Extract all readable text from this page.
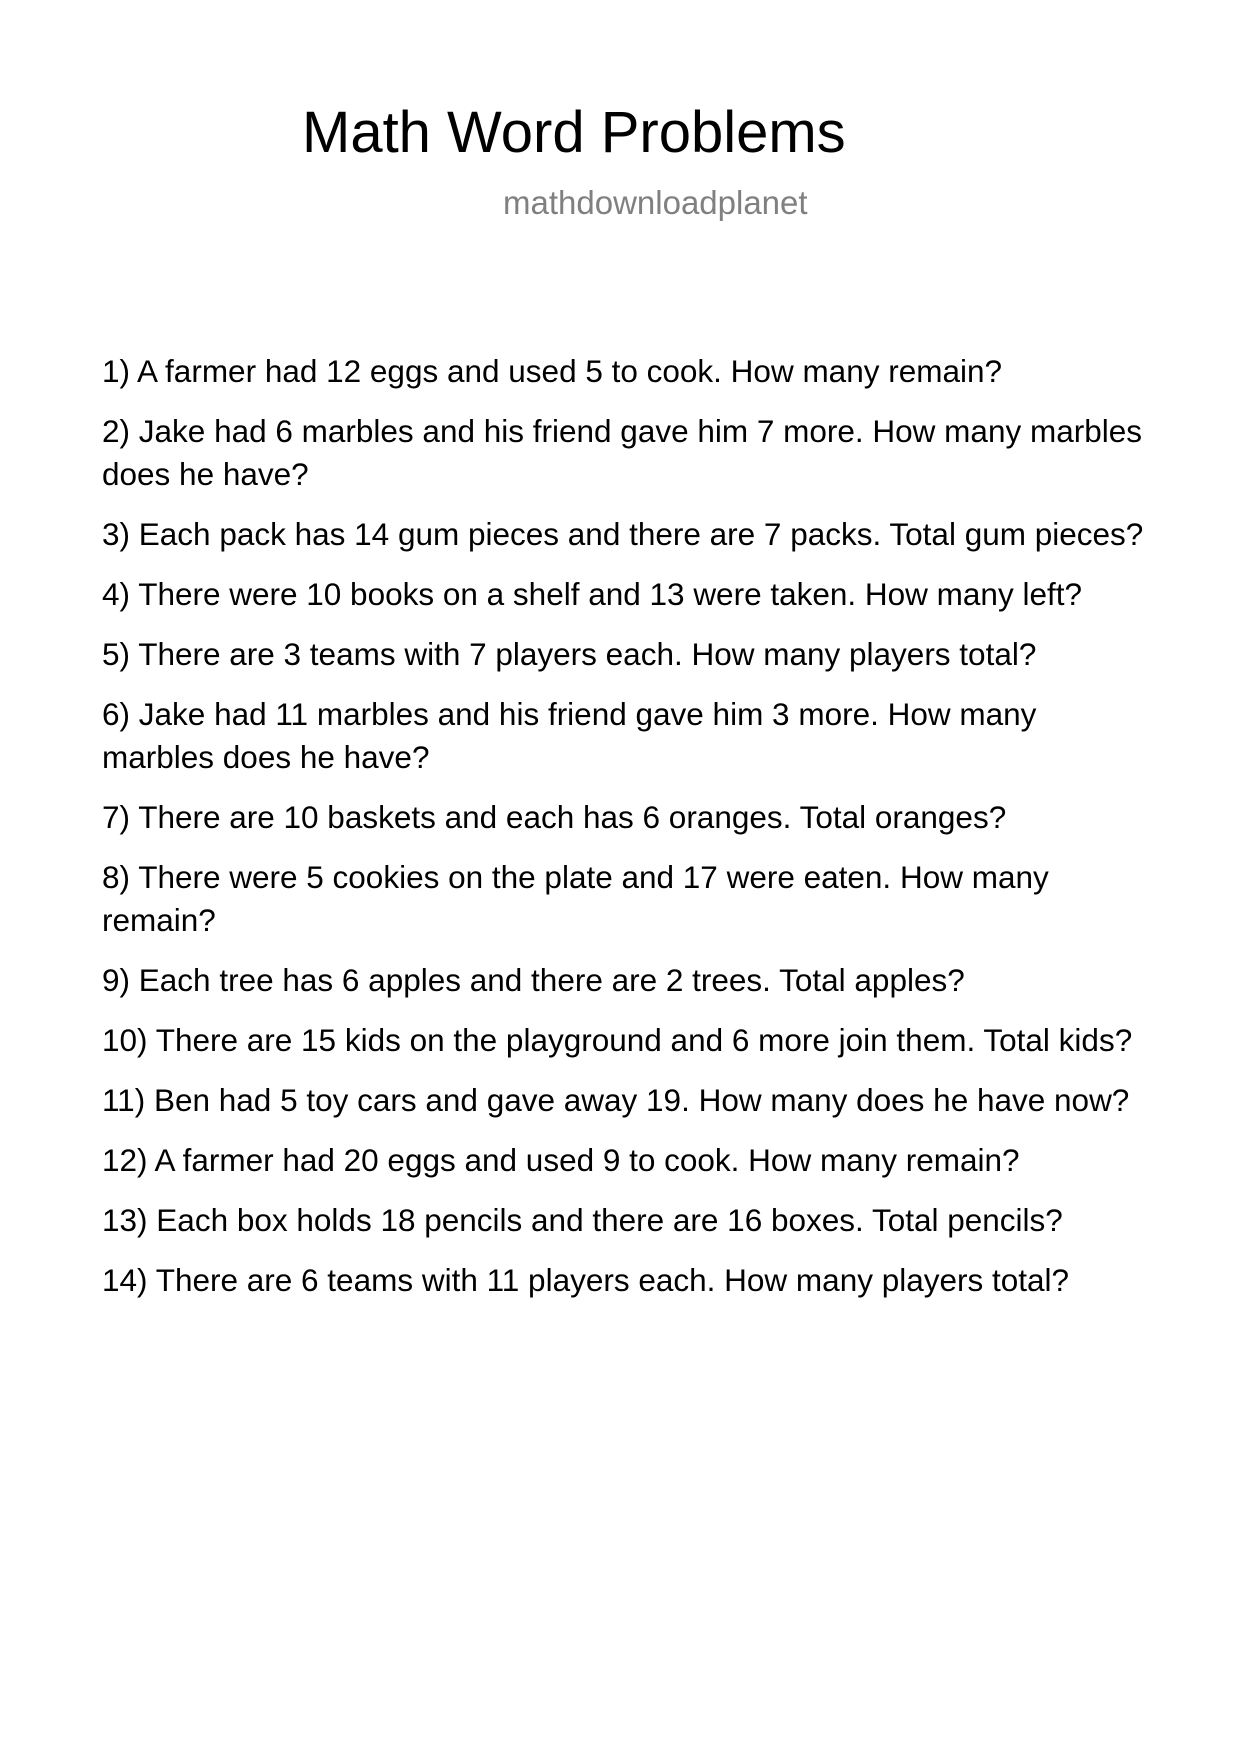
Math Word Problems
mathdownloadplanet
1) A farmer had 12 eggs and used 5 to cook. How many remain?
2) Jake had 6 marbles and his friend gave him 7 more. How many marbles does he have?
3) Each pack has 14 gum pieces and there are 7 packs. Total gum pieces?
4) There were 10 books on a shelf and 13 were taken. How many left?
5) There are 3 teams with 7 players each. How many players total?
6) Jake had 11 marbles and his friend gave him 3 more. How many marbles does he have?
7) There are 10 baskets and each has 6 oranges. Total oranges?
8) There were 5 cookies on the plate and 17 were eaten. How many remain?
9) Each tree has 6 apples and there are 2 trees. Total apples?
10) There are 15 kids on the playground and 6 more join them. Total kids?
11) Ben had 5 toy cars and gave away 19. How many does he have now?
12) A farmer had 20 eggs and used 9 to cook. How many remain?
13) Each box holds 18 pencils and there are 16 boxes. Total pencils?
14) There are 6 teams with 11 players each. How many players total?
